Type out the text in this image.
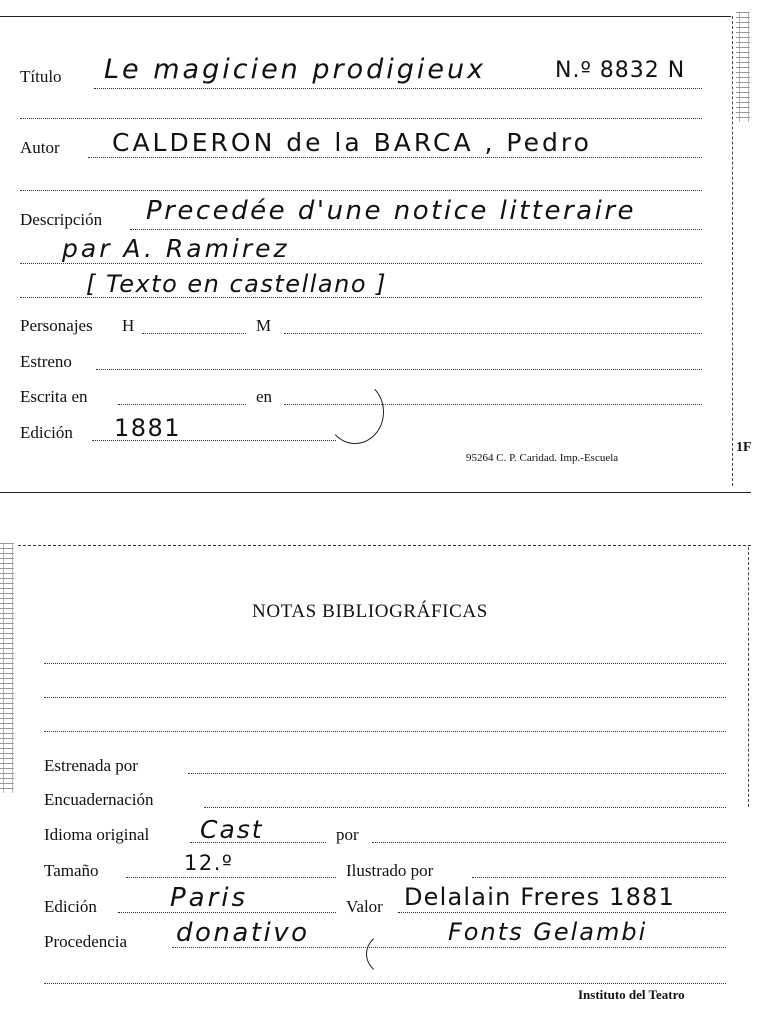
Título Le magicien prodigieux	N.º 8832 N
Autor CALDERON de la BARCA , Pedro
Descripción Precedée d'une notice litteraire
par A. Ramirez
[ Texto en castellano ]
Personajes H	M
Estreno
Escrita en	en
Edición 1881
95264 C. P. Caridad. Imp.-Escuela
1F
NOTAS BIBLIOGRÁFICAS
Estrenada por
Encuadernación
Idioma original Cast	por
Tamaño	12.º	Ilustrado por
Edición	Paris	Valor Delalain Freres 1881
Procedencia donativo	Fonts Gelambi
Instituto del Teatro
